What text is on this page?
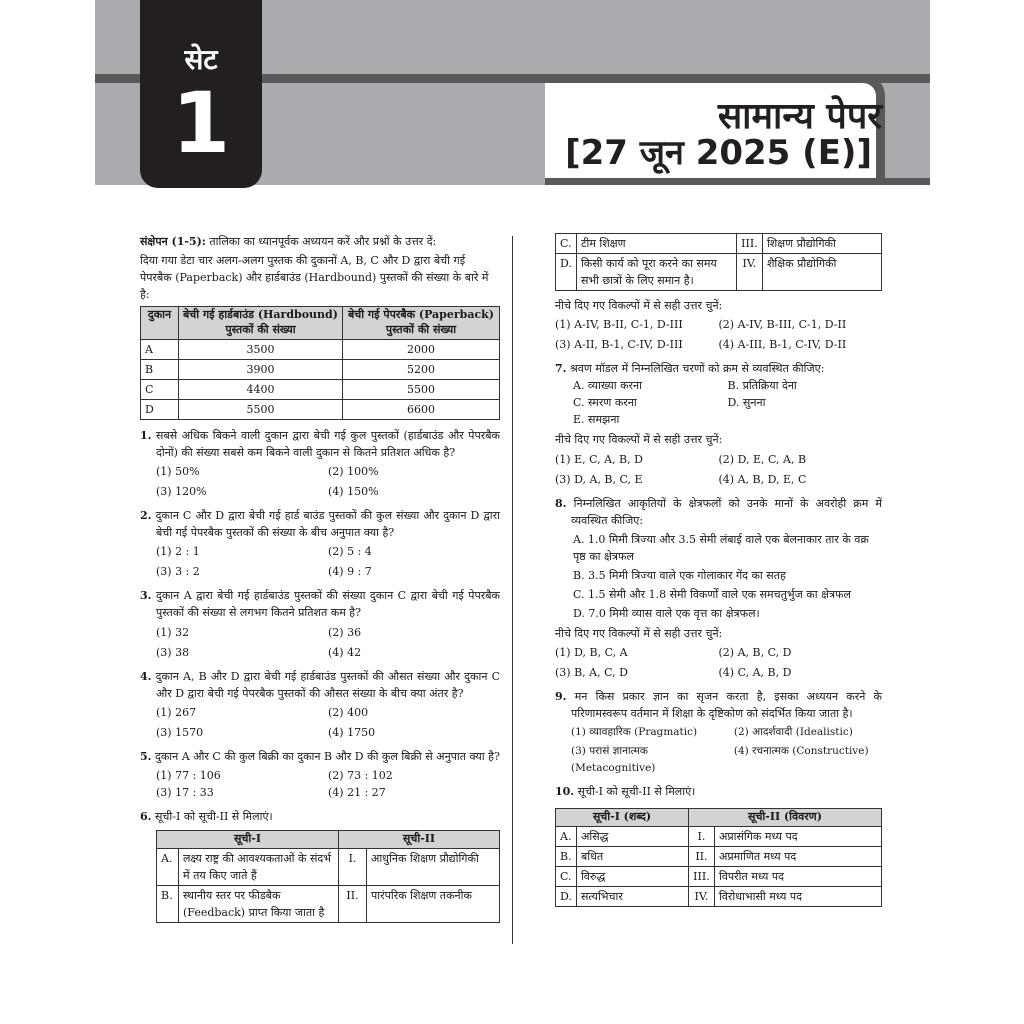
सेट
1	सामान्य पेपर
[27 जून 2025 (E)]
संक्षेपन (1-5): तालिका का ध्यानपूर्वक अध्ययन करें और प्रश्नों के उत्तर दें:
दिया गया डेटा चार अलग-अलग पुस्तक की दुकानों A, B, C और D द्वारा बेची गई पेपरबैक (Paperback) और हार्डबाउंड (Hardbound) पुस्तकों की संख्या के बारे में है:
दुकान	बेची गई हार्डबाउंड (Hardbound) पुस्तकों की संख्या	बेची गई पेपरबैक (Paperback) पुस्तकों की संख्या
A	3500	2000
B	3900	5200
C	4400	5500
D	5500	6600
1. सबसे अधिक बिकने वाली दुकान द्वारा बेची गई कुल पुस्तकों (हार्डबाउंड और पेपरबैक दोनों) की संख्या सबसे कम बिकने वाली दुकान से कितने प्रतिशत अधिक है?
(1) 50%	(2) 100%
(3) 120%	(4) 150%
2. दुकान C और D द्वारा बेची गई हार्ड बाउंड पुस्तकों की कुल संख्या और दुकान D द्वारा बेची गई पेपरबैक पुस्तकों की संख्या के बीच अनुपात क्या है?
(1) 2 : 1	(2) 5 : 4
(3) 3 : 2	(4) 9 : 7
3. दुकान A द्वारा बेची गई हार्डबाउंड पुस्तकों की संख्या दुकान C द्वारा बेची गई पेपरबैक पुस्तकों की संख्या से लगभग कितने प्रतिशत कम है?
(1) 32	(2) 36
(3) 38	(4) 42
4. दुकान A, B और D द्वारा बेची गई हार्डबाउंड पुस्तकों की औसत संख्या और दुकान C और D द्वारा बेची गई पेपरबैक पुस्तकों की औसत संख्या के बीच क्या अंतर है?
(1) 267	(2) 400
(3) 1570	(4) 1750
5. दुकान A और C की कुल बिक्री का दुकान B और D की कुल बिक्री से अनुपात क्या है?
(1) 77 : 106	(2) 73 : 102
(3) 17 : 33	(4) 21 : 27
6. सूची-I को सूची-II से मिलाएं।
सूची-I		सूची-II	
A.	लक्ष्य राष्ट्र की आवश्यकताओं के संदर्भ में तय किए जाते हैं	I.	आधुनिक शिक्षण प्रौद्योगिकी
B.	स्थानीय स्तर पर फीडबैक (Feedback) प्राप्त किया जाता है	II.	पारंपरिक शिक्षण तकनीक
C.	टीम शिक्षण	III.	शिक्षण प्रौद्योगिकी
D.	किसी कार्य को पूरा करने का समय सभी छात्रों के लिए समान है।	IV.	शैक्षिक प्रौद्योगिकी
नीचे दिए गए विकल्पों में से सही उत्तर चुनें:
(1) A-IV, B-II, C-1, D-III	(2) A-IV, B-III, C-1, D-II
(3) A-II, B-1, C-IV, D-III	(4) A-III, B-1, C-IV, D-II
7. श्रवण मॉडल में निम्नलिखित चरणों को क्रम से व्यवस्थित कीजिए:
A. व्याख्या करना	B. प्रतिक्रिया देना
C. स्मरण करना	D. सुनना
E. समझना
नीचे दिए गए विकल्पों में से सही उत्तर चुनें:
(1) E, C, A, B, D	(2) D, E, C, A, B
(3) D, A, B, C, E	(4) A, B, D, E, C
8. निम्नलिखित आकृतियों के क्षेत्रफलों को उनके मानों के अवरोही क्रम में व्यवस्थित कीजिए:
A. 1.0 मिमी त्रिज्या और 3.5 सेमी लंबाई वाले एक बेलनाकार तार के वक्र पृष्ठ का क्षेत्रफल
B. 3.5 मिमी त्रिज्या वाले एक गोलाकार गेंद का सतह
C. 1.5 सेमी और 1.8 सेमी विकर्णों वाले एक समचतुर्भुज का क्षेत्रफल
D. 7.0 मिमी व्यास वाले एक वृत्त का क्षेत्रफल।
नीचे दिए गए विकल्पों में से सही उत्तर चुनें:
(1) D, B, C, A	(2) A, B, C, D
(3) B, A, C, D	(4) C, A, B, D
9. मन किस प्रकार ज्ञान का सृजन करता है, इसका अध्ययन करने के परिणामस्वरूप वर्तमान में शिक्षा के दृष्टिकोण को संदर्भित किया जाता है।
(1) व्यावहारिक (Pragmatic)	(2) आदर्शवादी (Idealistic)
(3) परासं ज्ञानात्मक (Metacognitive)
(4) रचनात्मक (Constructive)
10. सूची-I को सूची-II से मिलाएं।
सूची-I (शब्द)		सूची-II (विवरण)	
A.	असिद्ध	I.	अप्रासंगिक मध्य पद
B.	बधित	II.	अप्रमाणित मध्य पद
C.	विरुद्ध	III.	विपरीत मध्य पद
D.	सत्यभिचार	IV.	विरोधाभासी मध्य पद
